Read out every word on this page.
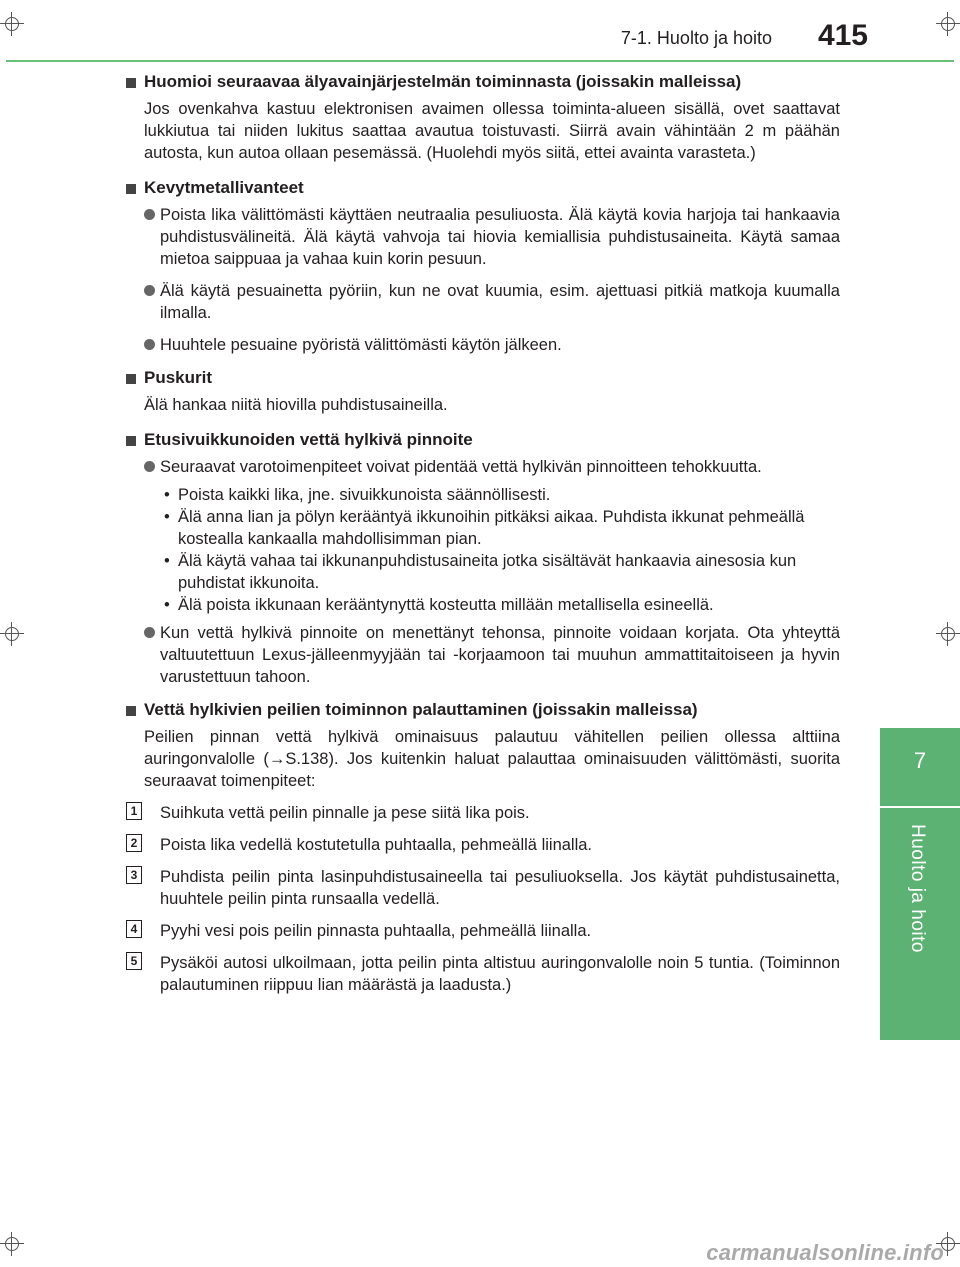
7-1. Huolto ja hoito 415
7
Huolto ja hoito
Huomioi seuraavaa älyavainjärjestelmän toiminnasta (joissakin malleissa)

Jos ovenkahva kastuu elektronisen avaimen ollessa toiminta-alueen sisällä, ovet saattavat lukkiutua tai niiden lukitus saattaa avautua toistuvasti. Siirrä avain vähintään 2 m päähän autosta, kun autoa ollaan pesemässä. (Huolehdi myös siitä, ettei avainta varasteta.)

Kevytmetallivanteet
Poista lika välittömästi käyttäen neutraalia pesuliuosta. Älä käytä kovia harjoja tai hankaavia puhdistusvälineitä. Älä käytä vahvoja tai hiovia kemiallisia puhdistusaineita. Käytä samaa mietoa saippuaa ja vahaa kuin korin pesuun.
Älä käytä pesuainetta pyöriin, kun ne ovat kuumia, esim. ajettuasi pitkiä matkoja kuumalla ilmalla.
Huuhtele pesuaine pyöristä välittömästi käytön jälkeen.
Puskurit

Älä hankaa niitä hiovilla puhdistusaineilla.

Etusivuikkunoiden vettä hylkivä pinnoite
Seuraavat varotoimenpiteet voivat pidentää vettä hylkivän pinnoitteen tehokkuutta.
• Poista kaikki lika, jne. sivuikkunoista säännöllisesti.
• Älä anna lian ja pölyn kerääntyä ikkunoihin pitkäksi aikaa. Puhdista ikkunat pehmeällä kostealla kankaalla mahdollisimman pian.
• Älä käytä vahaa tai ikkunanpuhdistusaineita jotka sisältävät hankaavia ainesosia kun puhdistat ikkunoita.
• Älä poista ikkunaan kerääntynyttä kosteutta millään metallisella esineellä.
Kun vettä hylkivä pinnoite on menettänyt tehonsa, pinnoite voidaan korjata. Ota yhteyttä valtuutettuun Lexus-jälleenmyyjään tai -korjaamoon tai muuhun ammattitaitoiseen ja hyvin varustettuun tahoon.
Vettä hylkivien peilien toiminnon palauttaminen (joissakin malleissa)

Peilien pinnan vettä hylkivä ominaisuus palautuu vähitellen peilien ollessa alttiina auringonvalolle (→S.138). Jos kuitenkin haluat palauttaa ominaisuuden välittömästi, suorita seuraavat toimenpiteet:

1 Suihkuta vettä peilin pinnalle ja pese siitä lika pois.
2 Poista lika vedellä kostutetulla puhtaalla, pehmeällä liinalla.
3 Puhdista peilin pinta lasinpuhdistusaineella tai pesuliuoksella. Jos käytät puhdistusainetta, huuhtele peilin pinta runsaalla vedellä.
4 Pyyhi vesi pois peilin pinnasta puhtaalla, pehmeällä liinalla.
5 Pysäköi autosi ulkoilmaan, jotta peilin pinta altistuu auringonvalolle noin 5 tuntia. (Toiminnon palautuminen riippuu lian määrästä ja laadusta.)
carmanualsonline.info
